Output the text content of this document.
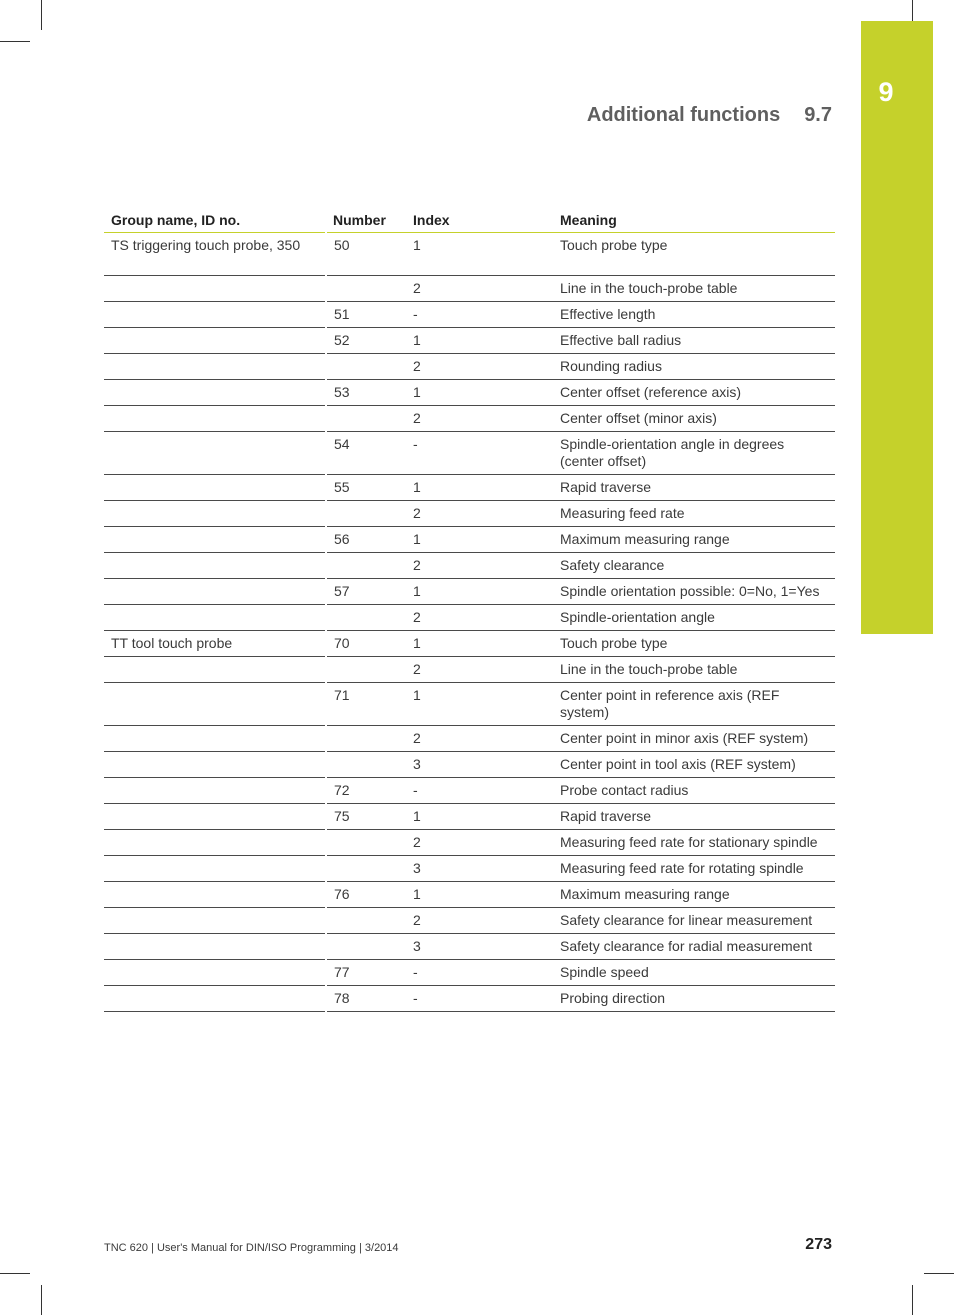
9
Additional functions 9.7
Group name, ID no.	Number	Index	Meaning
TS triggering touch probe, 350	50	1	Touch probe type
		2	Line in the touch-probe table
	51	-	Effective length
	52	1	Effective ball radius
		2	Rounding radius
	53	1	Center offset (reference axis)
		2	Center offset (minor axis)
	54	-	Spindle-orientation angle in degrees (center offset)
	55	1	Rapid traverse
		2	Measuring feed rate
	56	1	Maximum measuring range
		2	Safety clearance
	57	1	Spindle orientation possible: 0=No, 1=Yes
		2	Spindle-orientation angle
TT tool touch probe	70	1	Touch probe type
		2	Line in the touch-probe table
	71	1	Center point in reference axis (REF system)
		2	Center point in minor axis (REF system)
		3	Center point in tool axis (REF system)
	72	-	Probe contact radius
	75	1	Rapid traverse
		2	Measuring feed rate for stationary spindle
		3	Measuring feed rate for rotating spindle
	76	1	Maximum measuring range
		2	Safety clearance for linear measurement
		3	Safety clearance for radial measurement
	77	-	Spindle speed
	78	-	Probing direction
TNC 620 | User's Manual for DIN/ISO Programming | 3/2014	273
